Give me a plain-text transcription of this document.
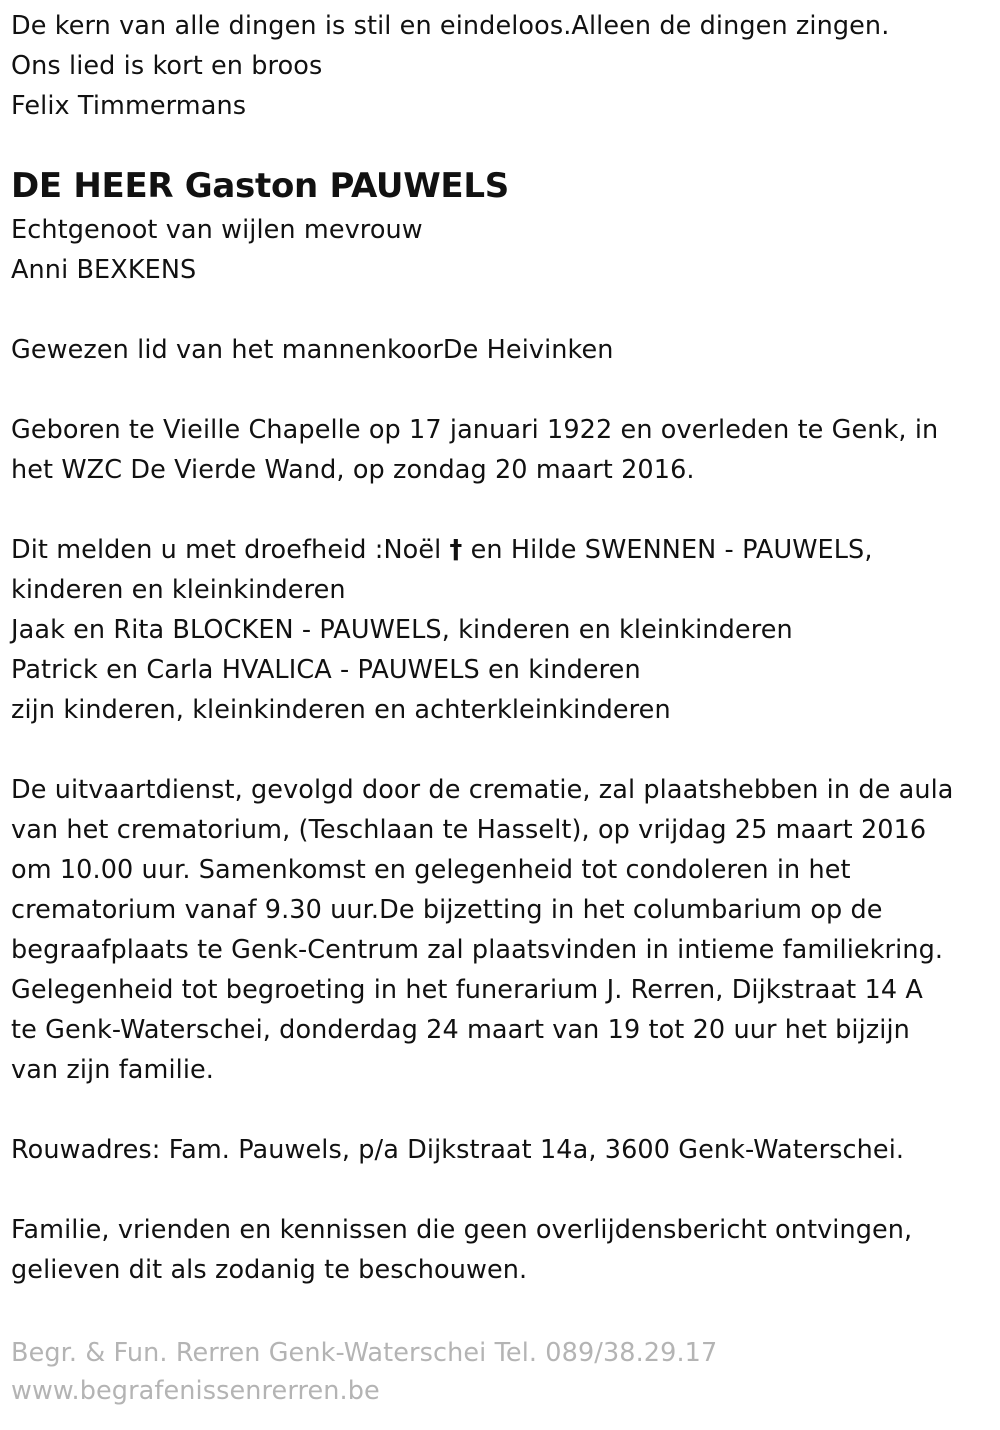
De kern van alle dingen is stil en eindeloos.Alleen de dingen zingen.
Ons lied is kort en broos
Felix Timmermans
DE HEER Gaston PAUWELS
Echtgenoot van wijlen mevrouw
Anni BEXKENS
Gewezen lid van het mannenkoorDe Heivinken
Geboren te Vieille Chapelle op 17 januari 1922 en overleden te Genk, in
het WZC De Vierde Wand, op zondag 20 maart 2016.
Dit melden u met droefheid :Noël † en Hilde SWENNEN - PAUWELS,
kinderen en kleinkinderen
Jaak en Rita BLOCKEN - PAUWELS, kinderen en kleinkinderen
Patrick en Carla HVALICA - PAUWELS en kinderen
zijn kinderen, kleinkinderen en achterkleinkinderen
De uitvaartdienst, gevolgd door de crematie, zal plaatshebben in de aula
van het crematorium, (Teschlaan te Hasselt), op vrijdag 25 maart 2016
om 10.00 uur. Samenkomst en gelegenheid tot condoleren in het
crematorium vanaf 9.30 uur.De bijzetting in het columbarium op de
begraafplaats te Genk-Centrum zal plaatsvinden in intieme familiekring.
Gelegenheid tot begroeting in het funerarium J. Rerren, Dijkstraat 14 A
te Genk-Waterschei, donderdag 24 maart van 19 tot 20 uur het bijzijn
van zijn familie.
Rouwadres: Fam. Pauwels, p/a Dijkstraat 14a, 3600 Genk-Waterschei.
Familie, vrienden en kennissen die geen overlijdensbericht ontvingen,
gelieven dit als zodanig te beschouwen.
Begr. & Fun. Rerren Genk-Waterschei Tel. 089/38.29.17
www.begrafenissenrerren.be
